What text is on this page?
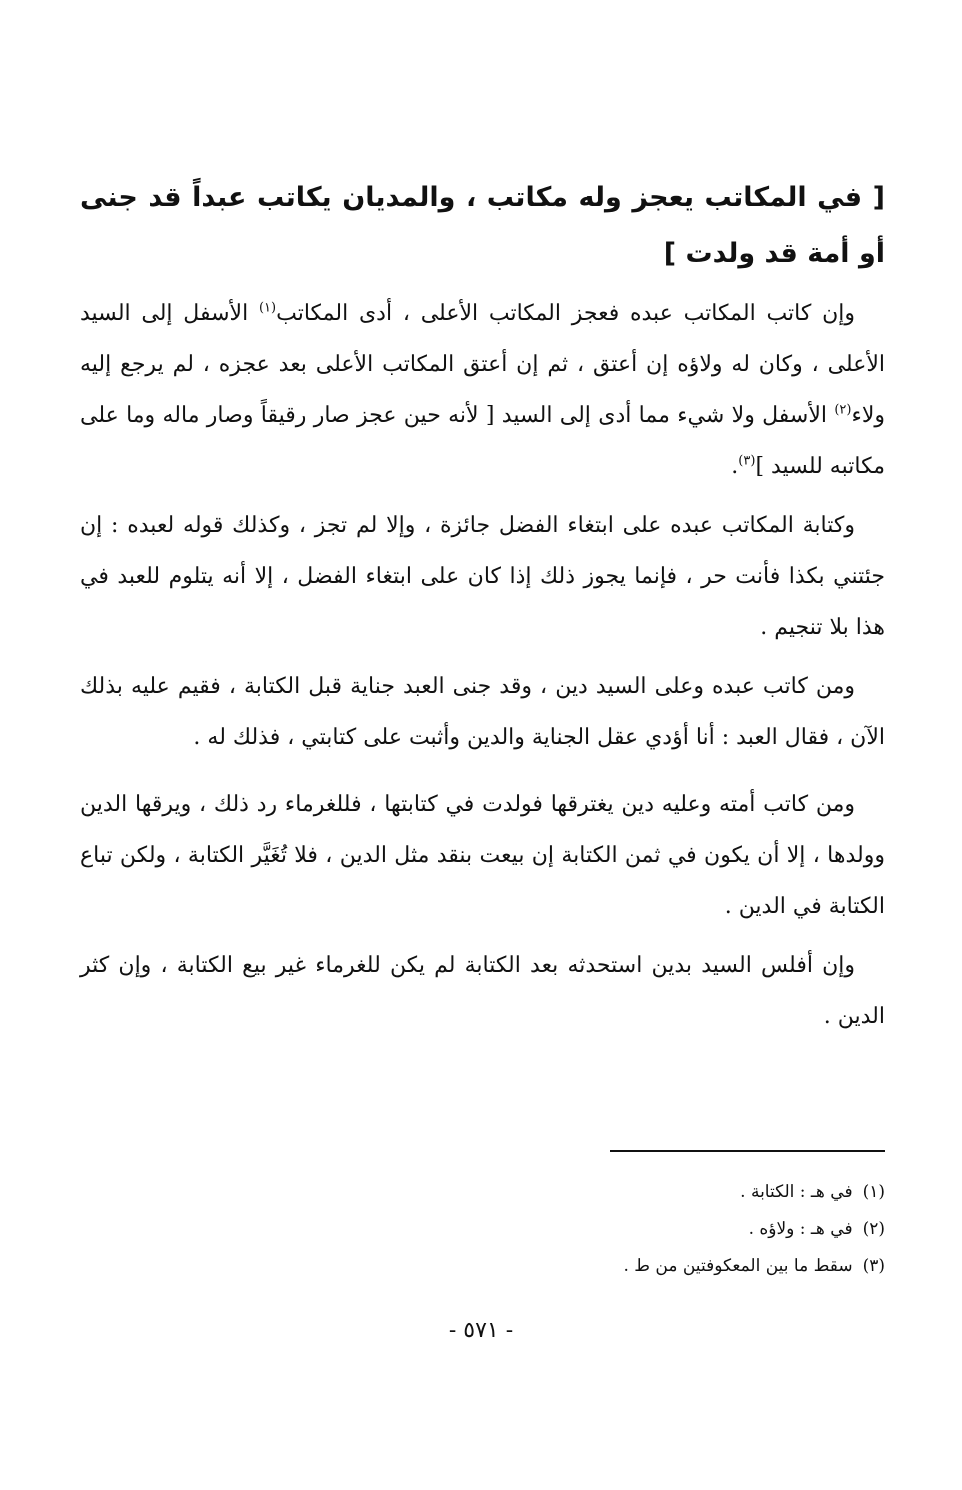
[ في المكاتب يعجز وله مكاتب ، والمديان يكاتب عبداً قد جنى أو أمة قد ولدت ]

وإن كاتب المكاتب عبده فعجز المكاتب الأعلى ، أدى المكاتب$^{(١)}$ الأسفل إلى السيد الأعلى ، وكان له ولاؤه إن أعتق ، ثم إن أعتق المكاتب الأعلى بعد عجزه ، لم يرجع إليه ولاء$^{(٢)}$ الأسفل ولا شيء مما أدى إلى السيد [ لأنه حين عجز صار رقيقاً وصار ماله وما على مكاتبه للسيد ]$^{(٣)}$.

وكتابة المكاتب عبده على ابتغاء الفضل جائزة ، وإلا لم تجز ، وكذلك قوله لعبده : إن جئتني بكذا فأنت حر ، فإنما يجوز ذلك إذا كان على ابتغاء الفضل ، إلا أنه يتلوم للعبد في هذا بلا تنجيم .

ومن كاتب عبده وعلى السيد دين ، وقد جنى العبد جناية قبل الكتابة ، فقيم عليه بذلك الآن ، فقال العبد : أنا أؤدي عقل الجناية والدين وأثبت على كتابتي ، فذلك له .

ومن كاتب أمته وعليه دين يغترقها فولدت في كتابتها ، فللغرماء رد ذلك ، ويرقها الدين وولدها ، إلا أن يكون في ثمن الكتابة إن بيعت بنقد مثل الدين ، فلا تُغَيَّر الكتابة ، ولكن تباع الكتابة في الدين .

وإن أفلس السيد بدين استحدثه بعد الكتابة لم يكن للغرماء غير بيع الكتابة ، وإن كثر الدين .

(١)في هـ : الكتابة .
(٢)في هـ : ولاؤه .
(٣)سقط ما بين المعكوفتين من ط .
- ٥٧١ -
